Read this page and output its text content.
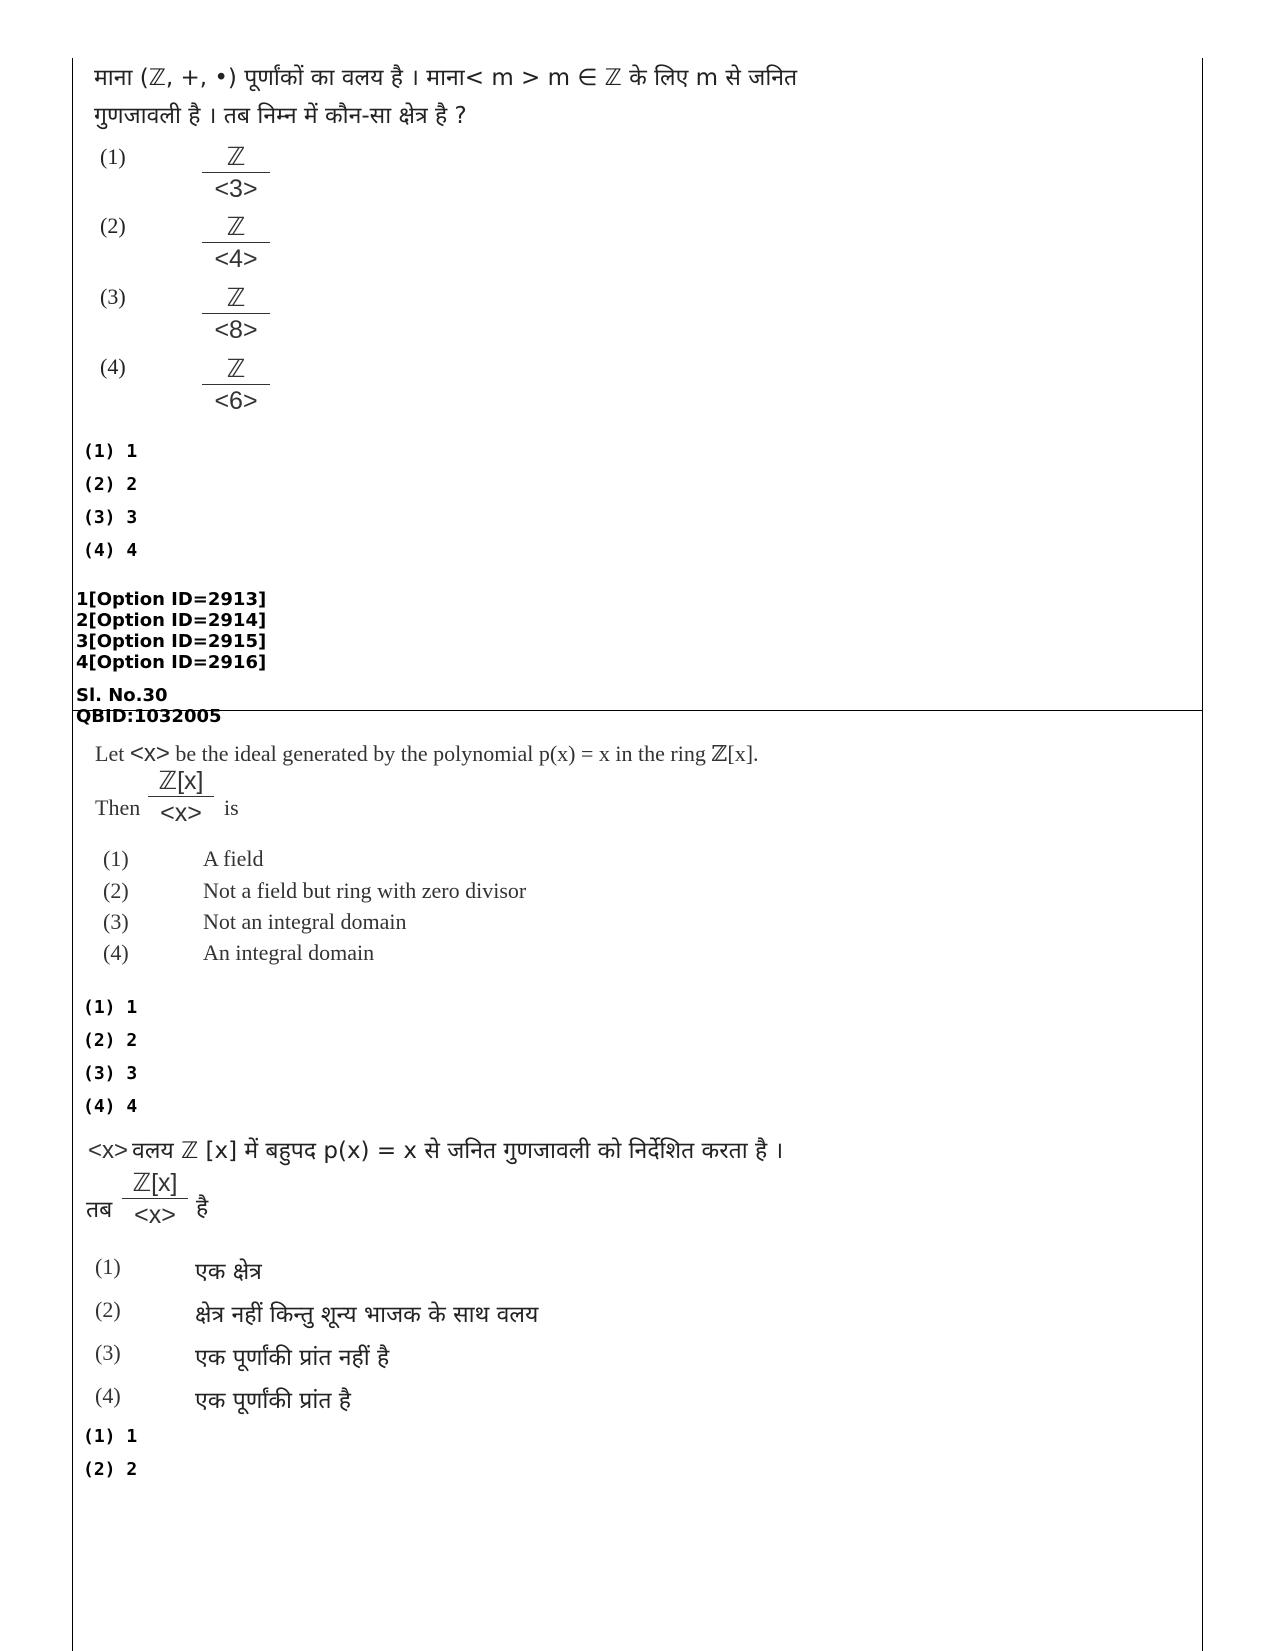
माना (ℤ, +, •) पूर्णांकों का वलय है । माना< m > m ∈ ℤ के लिए m से जनित
गुणजावली है । तब निम्न में कौन-सा क्षेत्र है ?
(1)	ℤ
<3>
(2)	ℤ
<4>
(3)	ℤ
<8>
(4)	ℤ
<6>
(1) 1
(2) 2
(3) 3
(4) 4
1[Option ID=2913]
2[Option ID=2914]
3[Option ID=2915]
4[Option ID=2916]
Sl. No.30
QBID:1032005
Let <x> be the ideal generated by the polynomial p(x) = x in the ring ℤ[x].
Then
ℤ[x]
<x>	is
(1)	A field
(2)	Not a field but ring with zero divisor
(3)	Not an integral domain
(4)	An integral domain
(1) 1
(2) 2
(3) 3
(4) 4
<x> वलय ℤ [x] में बहुपद p(x) = x से जनित गुणजावली को निर्देशित करता है ।
तब
ℤ[x]
<x> है
(1)	एक क्षेत्र
(2)	क्षेत्र नहीं किन्तु शून्य भाजक के साथ वलय
(3)	एक पूर्णांकी प्रांत नहीं है
(4)	एक पूर्णांकी प्रांत है
(1) 1
(2) 2
